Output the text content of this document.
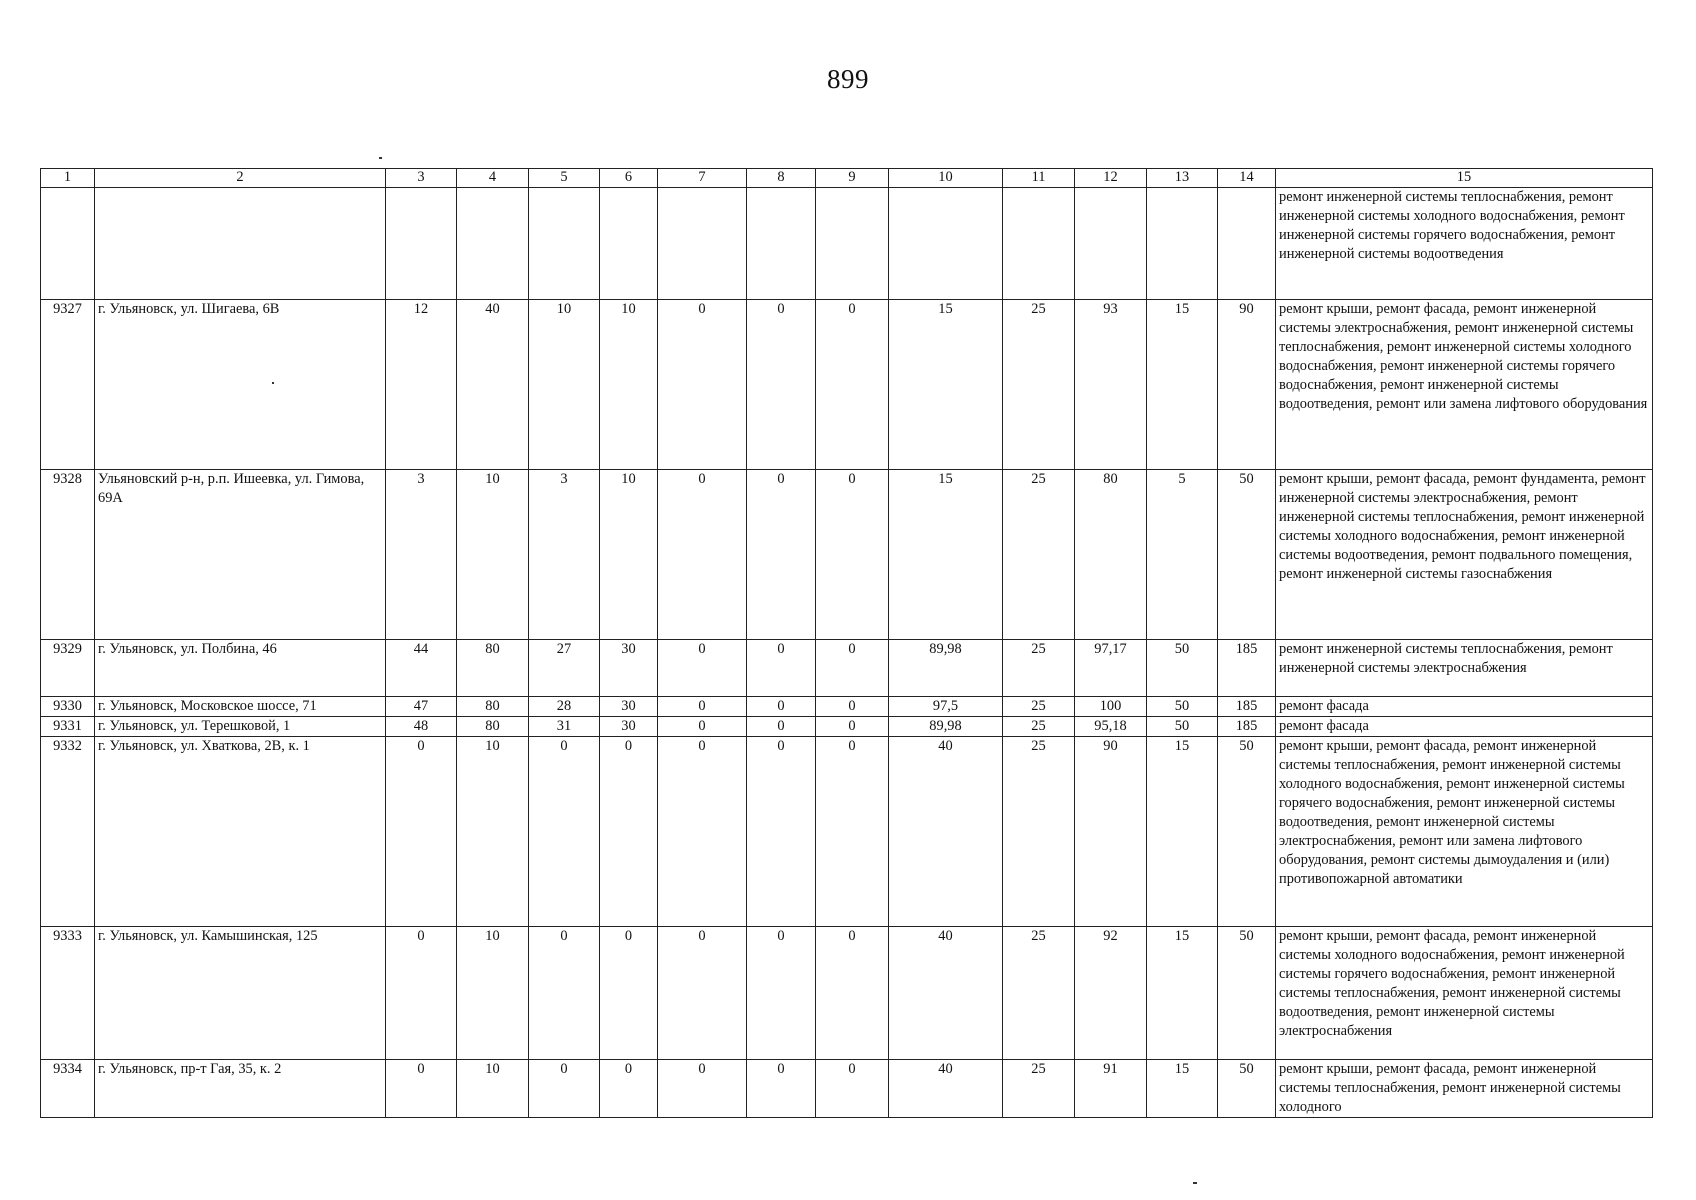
899
1	2	3	4	5	6	7	8	9	10	11	12	13	14	15
														ремонт инженерной системы теплоснабжения, ремонт инженерной системы холодного водоснабжения, ремонт инженерной системы горячего водоснабжения, ремонт инженерной системы водоотведения
9327	г. Ульяновск, ул. Шигаева, 6В	12	40	10	10	0	0	0	15	25	93	15	90	ремонт крыши, ремонт фасада, ремонт инженерной системы электроснабжения, ремонт инженерной системы теплоснабжения, ремонт инженерной системы холодного водоснабжения, ремонт инженерной системы горячего водоснабжения, ремонт инженерной системы водоотведения, ремонт или замена лифтового оборудования
9328	Ульяновский р-н, р.п. Ишеевка, ул. Гимова, 69А	3	10	3	10	0	0	0	15	25	80	5	50	ремонт крыши, ремонт фасада, ремонт фундамента, ремонт инженерной системы электроснабжения, ремонт инженерной системы теплоснабжения, ремонт инженерной системы холодного водоснабжения, ремонт инженерной системы водоотведения, ремонт подвального помещения, ремонт инженерной системы газоснабжения
9329	г. Ульяновск, ул. Полбина, 46	44	80	27	30	0	0	0	89,98	25	97,17	50	185	ремонт инженерной системы теплоснабжения, ремонт инженерной системы электроснабжения
9330	г. Ульяновск, Московское шоссе, 71	47	80	28	30	0	0	0	97,5	25	100	50	185	ремонт фасада
9331	г. Ульяновск, ул. Терешковой, 1	48	80	31	30	0	0	0	89,98	25	95,18	50	185	ремонт фасада
9332	г. Ульяновск, ул. Хваткова, 2В, к. 1	0	10	0	0	0	0	0	40	25	90	15	50	ремонт крыши, ремонт фасада, ремонт инженерной системы теплоснабжения, ремонт инженерной системы холодного водоснабжения, ремонт инженерной системы горячего водоснабжения, ремонт инженерной системы водоотведения, ремонт инженерной системы электроснабжения, ремонт или замена лифтового оборудования, ремонт системы дымоудаления и (или) противопожарной автоматики
9333	г. Ульяновск, ул. Камышинская, 125	0	10	0	0	0	0	0	40	25	92	15	50	ремонт крыши, ремонт фасада, ремонт инженерной системы холодного водоснабжения, ремонт инженерной системы горячего водоснабжения, ремонт инженерной системы теплоснабжения, ремонт инженерной системы водоотведения, ремонт инженерной системы электроснабжения
9334	г. Ульяновск, пр-т Гая, 35, к. 2	0	10	0	0	0	0	0	40	25	91	15	50	ремонт крыши, ремонт фасада, ремонт инженерной системы теплоснабжения, ремонт инженерной системы холодного
